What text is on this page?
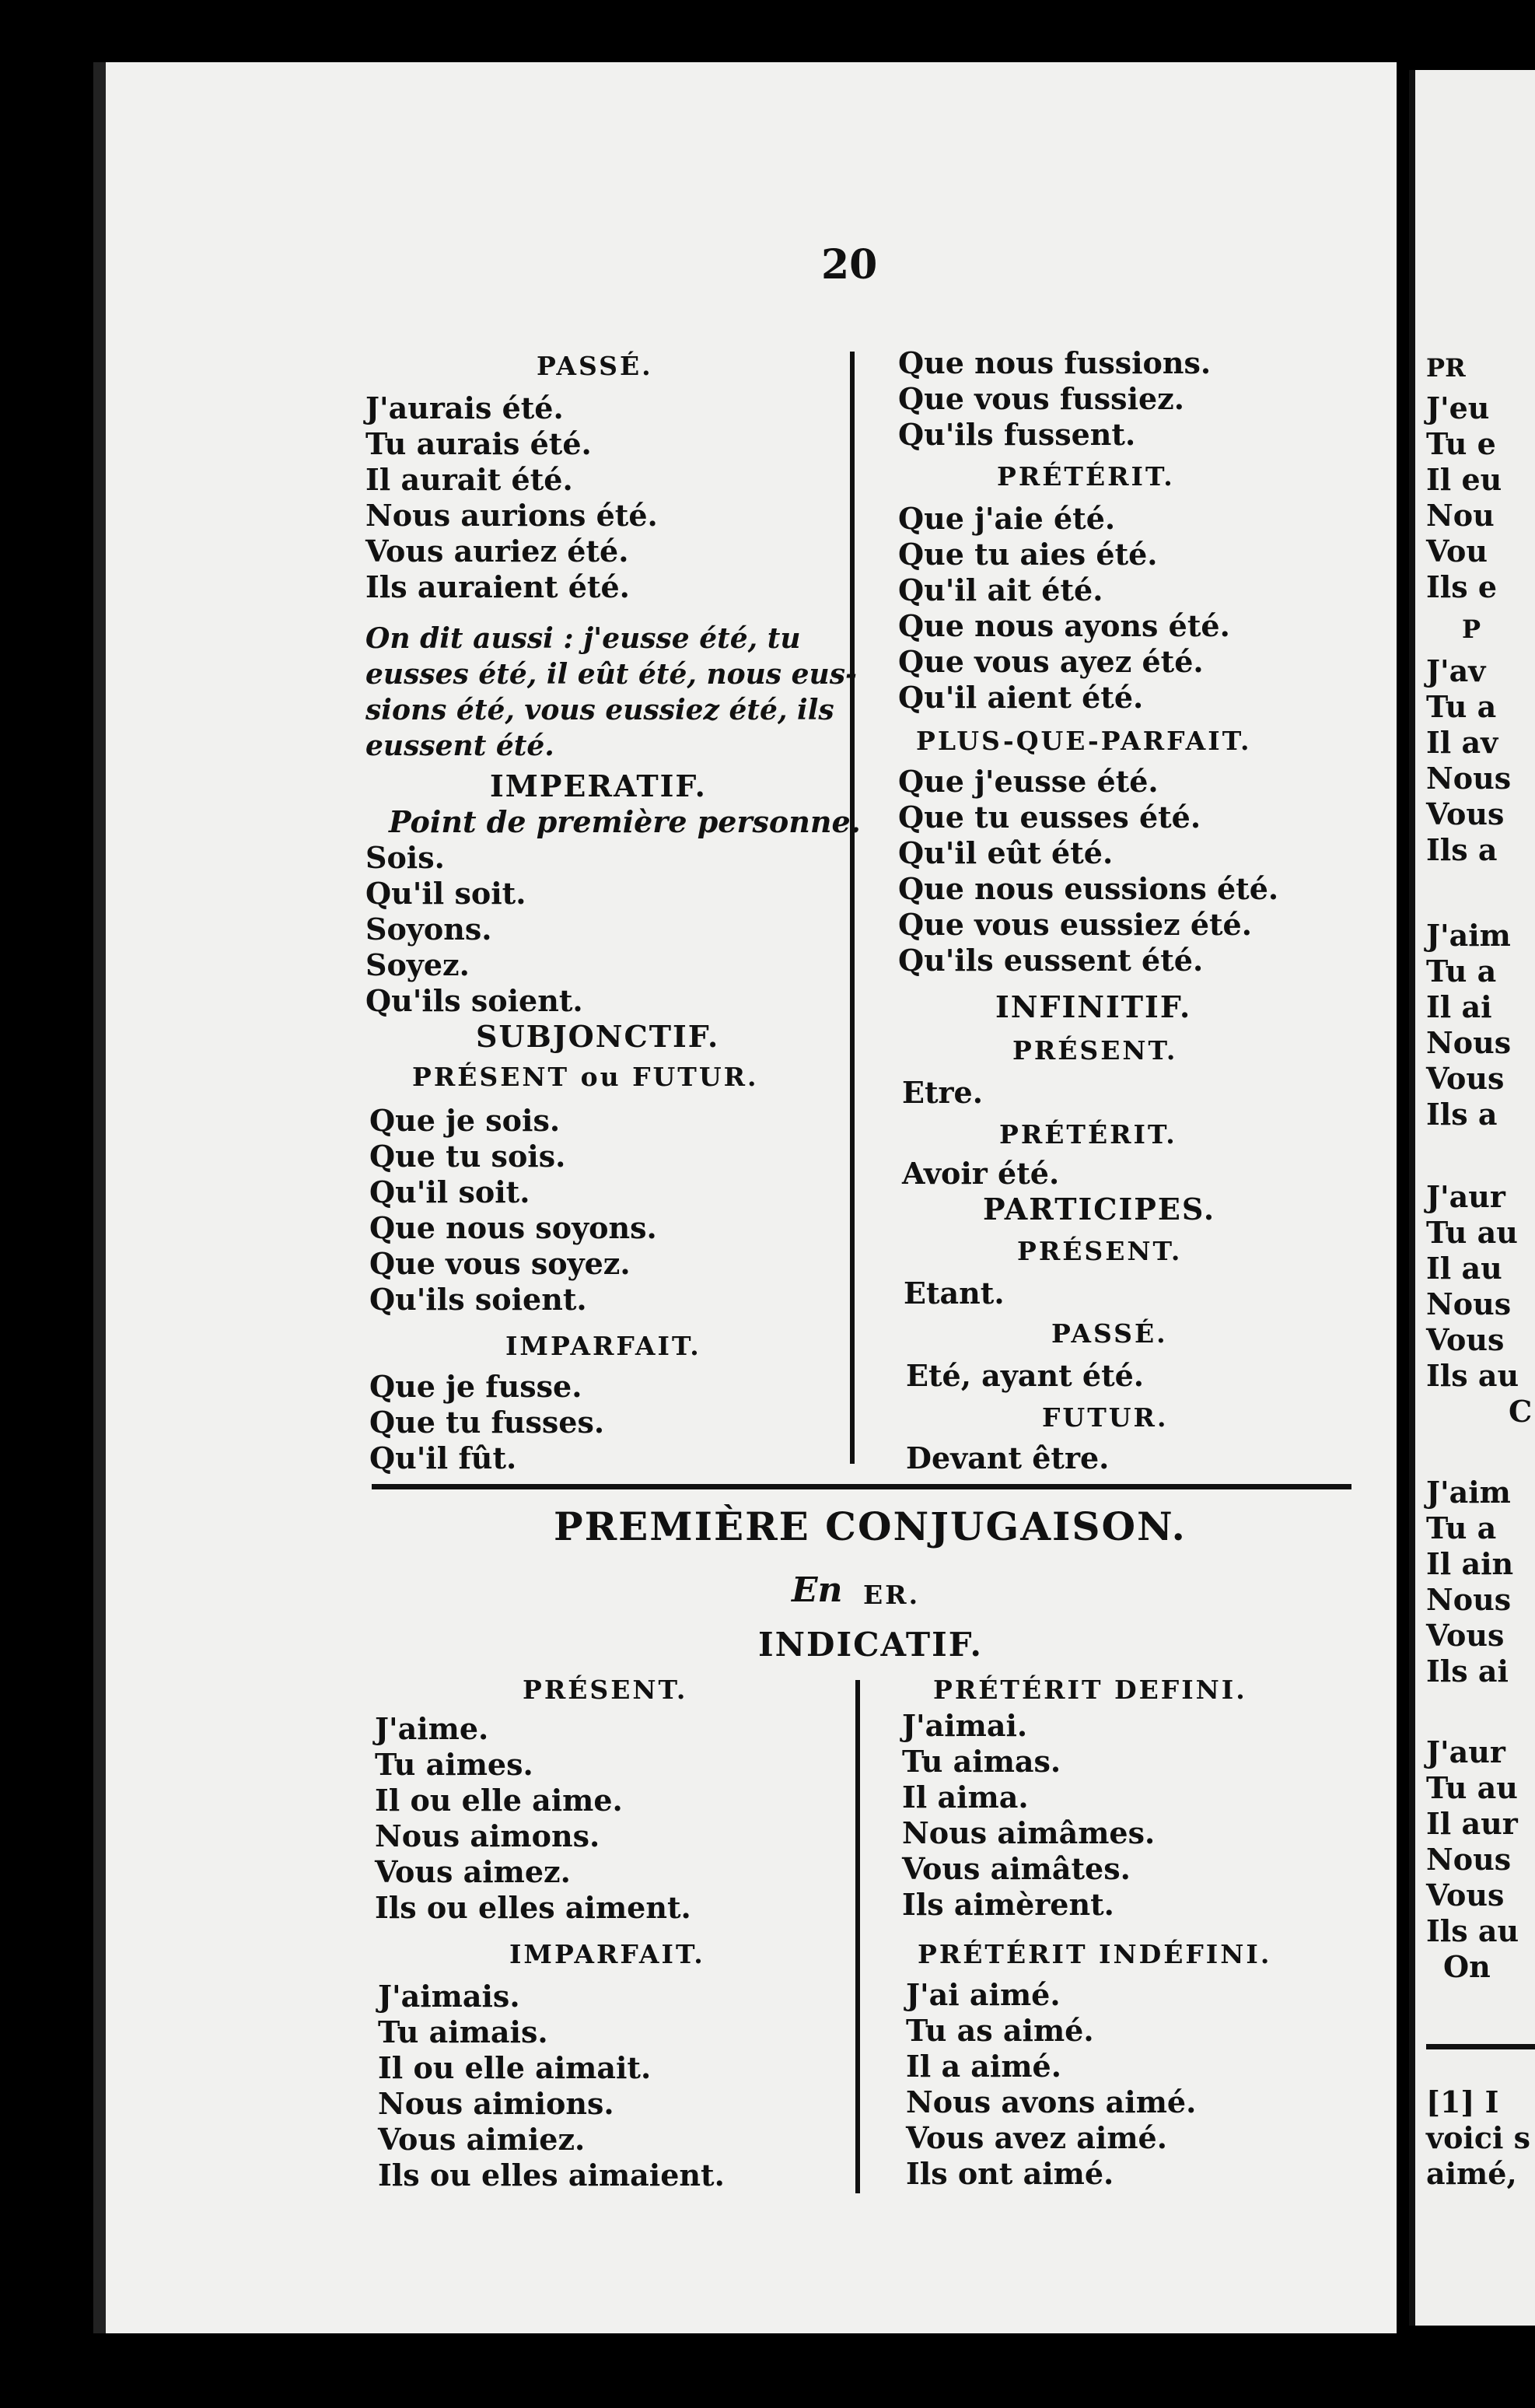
20
PASSÉ.
J'aurais été.
Tu aurais été.
Il aurait été.
Nous aurions été.
Vous auriez été.
Ils auraient été.
On dit aussi : j'eusse été, tu
eusses été, il eût été, nous eus-
sions été, vous eussiez été, ils
eussent été.
IMPERATIF.
Point de première personne.
Sois.
Qu'il soit.
Soyons.
Soyez.
Qu'ils soient.
SUBJONCTIF.
PRÉSENT ou FUTUR.
Que je sois.
Que tu sois.
Qu'il soit.
Que nous soyons.
Que vous soyez.
Qu'ils soient.
IMPARFAIT.
Que je fusse.
Que tu fusses.
Qu'il fût.
Que nous fussions.
Que vous fussiez.
Qu'ils fussent.
PRÉTÉRIT.
Que j'aie été.
Que tu aies été.
Qu'il ait été.
Que nous ayons été.
Que vous ayez été.
Qu'il aient été.
PLUS-QUE-PARFAIT.
Que j'eusse été.
Que tu eusses été.
Qu'il eût été.
Que nous eussions été.
Que vous eussiez été.
Qu'ils eussent été.
INFINITIF.
PRÉSENT.
Etre.
PRÉTÉRIT.
Avoir été.
PARTICIPES.
PRÉSENT.
Etant.
PASSÉ.
Eté, ayant été.
FUTUR.
Devant être.
PREMIÈRE CONJUGAISON.
En ER.
INDICATIF.
PRÉSENT.
J'aime.
Tu aimes.
Il ou elle aime.
Nous aimons.
Vous aimez.
Ils ou elles aiment.
IMPARFAIT.
J'aimais.
Tu aimais.
Il ou elle aimait.
Nous aimions.
Vous aimiez.
Ils ou elles aimaient.
PRÉTÉRIT DEFINI.
J'aimai.
Tu aimas.
Il aima.
Nous aimâmes.
Vous aimâtes.
Ils aimèrent.
PRÉTÉRIT INDÉFINI.
J'ai aimé.
Tu as aimé.
Il a aimé.
Nous avons aimé.
Vous avez aimé.
Ils ont aimé.
PR
J'eu
Tu e
Il eu
Nou
Vou
Ils e
P
J'av
Tu a
Il av
Nous
Vous
Ils a
J'aim
Tu a
Il ai
Nous
Vous
Ils a
J'aur
Tu au
Il au
Nous
Vous
Ils au
C
J'aim
Tu a
Il ain
Nous
Vous
Ils ai
J'aur
Tu au
Il aur
Nous
Vous
Ils au
On
[1] I
voici s
aimé,
